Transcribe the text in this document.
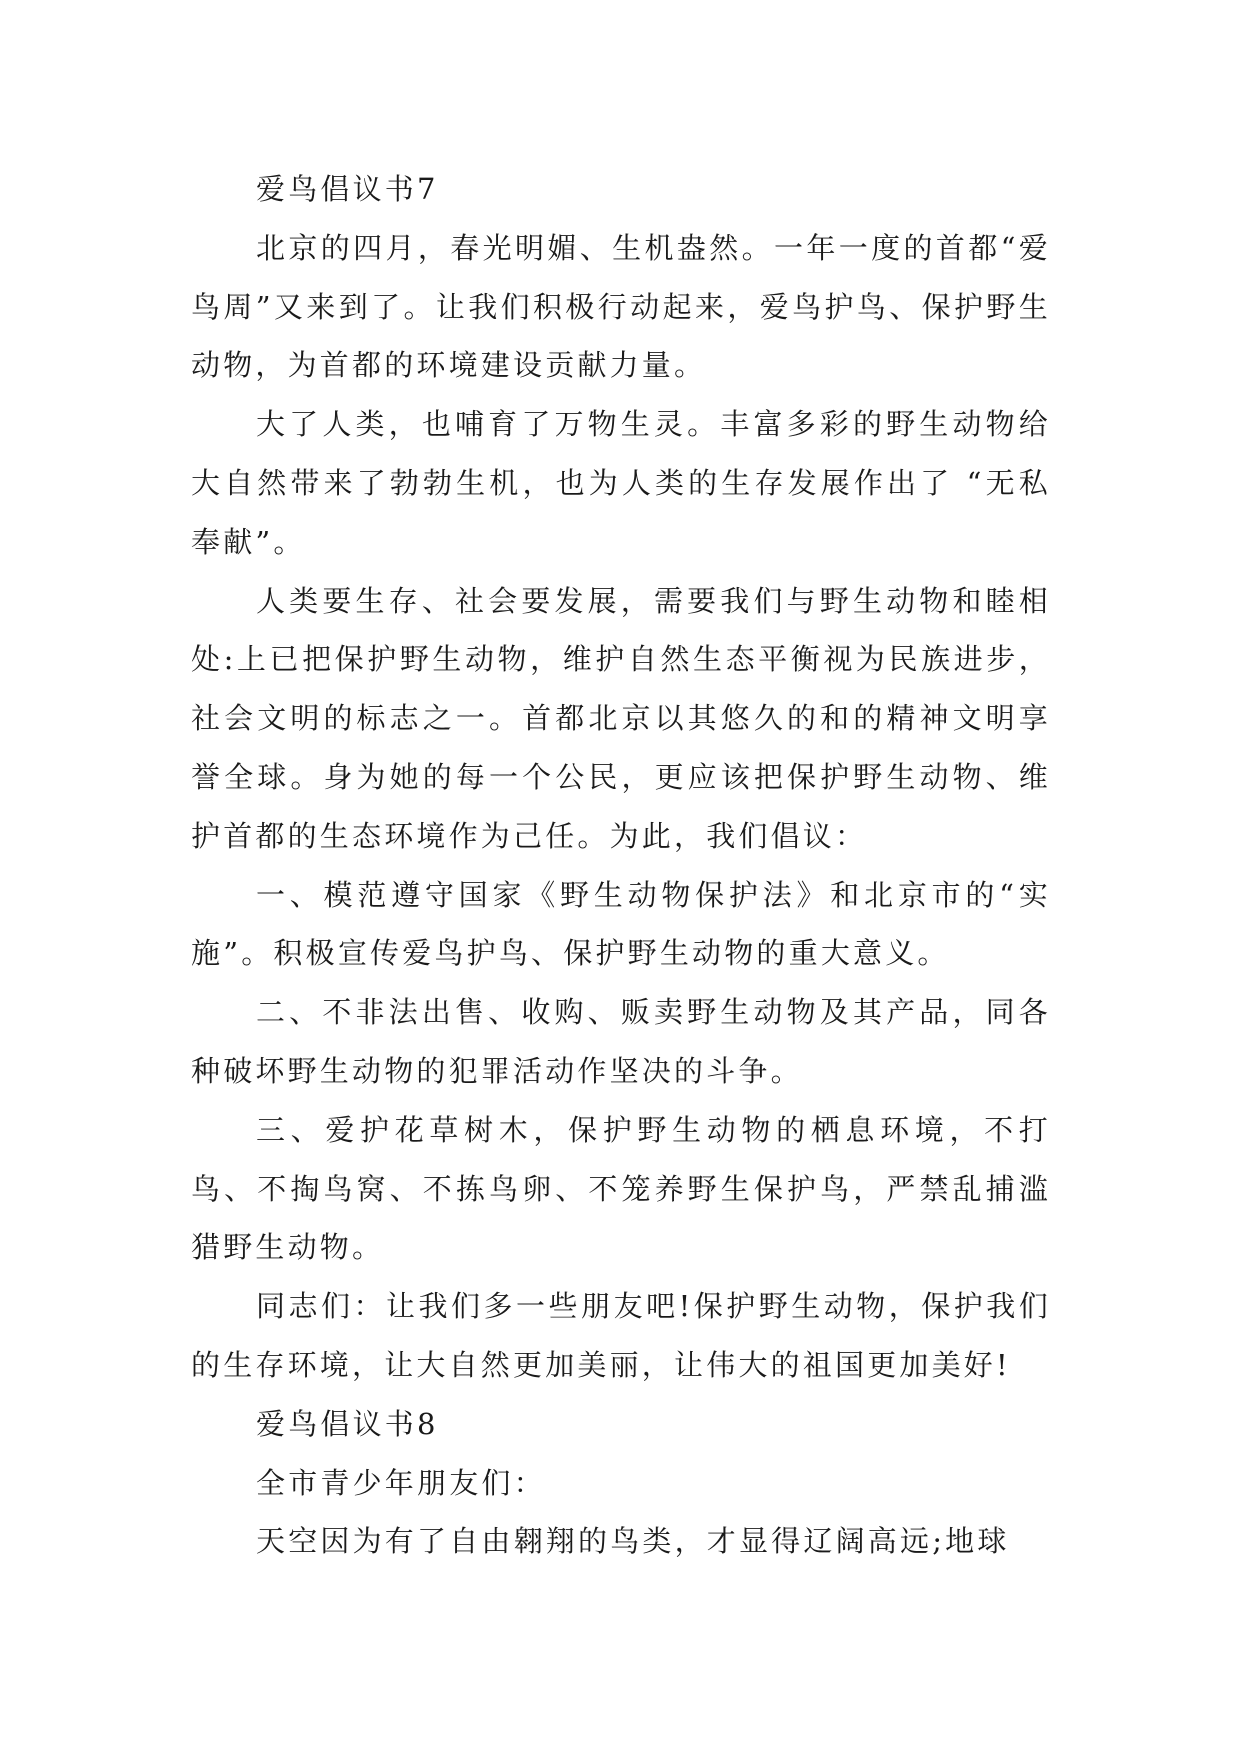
爱鸟倡议书7

北京的四月，春光明媚、生机盎然。一年一度的首都“爱鸟周”又来到了。让我们积极行动起来，爱鸟护鸟、保护野生动物，为首都的环境建设贡献力量。

大了人类，也哺育了万物生灵。丰富多彩的野生动物给大自然带来了勃勃生机，也为人类的生存发展作出了 “无私奉献”。

人类要生存、社会要发展，需要我们与野生动物和睦相处:上已把保护野生动物，维护自然生态平衡视为民族进步，社会文明的标志之一。首都北京以其悠久的和的精神文明享誉全球。身为她的每一个公民，更应该把保护野生动物、维护首都的生态环境作为己任。为此，我们倡议：

一、模范遵守国家《野生动物保护法》和北京市的“实施”。积极宣传爱鸟护鸟、保护野生动物的重大意义。

二、不非法出售、收购、贩卖野生动物及其产品，同各种破坏野生动物的犯罪活动作坚决的斗争。

三、爱护花草树木，保护野生动物的栖息环境，不打鸟、不掏鸟窝、不拣鸟卵、不笼养野生保护鸟，严禁乱捕滥猎野生动物。

同志们：让我们多一些朋友吧!保护野生动物，保护我们的生存环境，让大自然更加美丽，让伟大的祖国更加美好!

爱鸟倡议书8

全市青少年朋友们：

天空因为有了自由翱翔的鸟类，才显得辽阔高远;地球
